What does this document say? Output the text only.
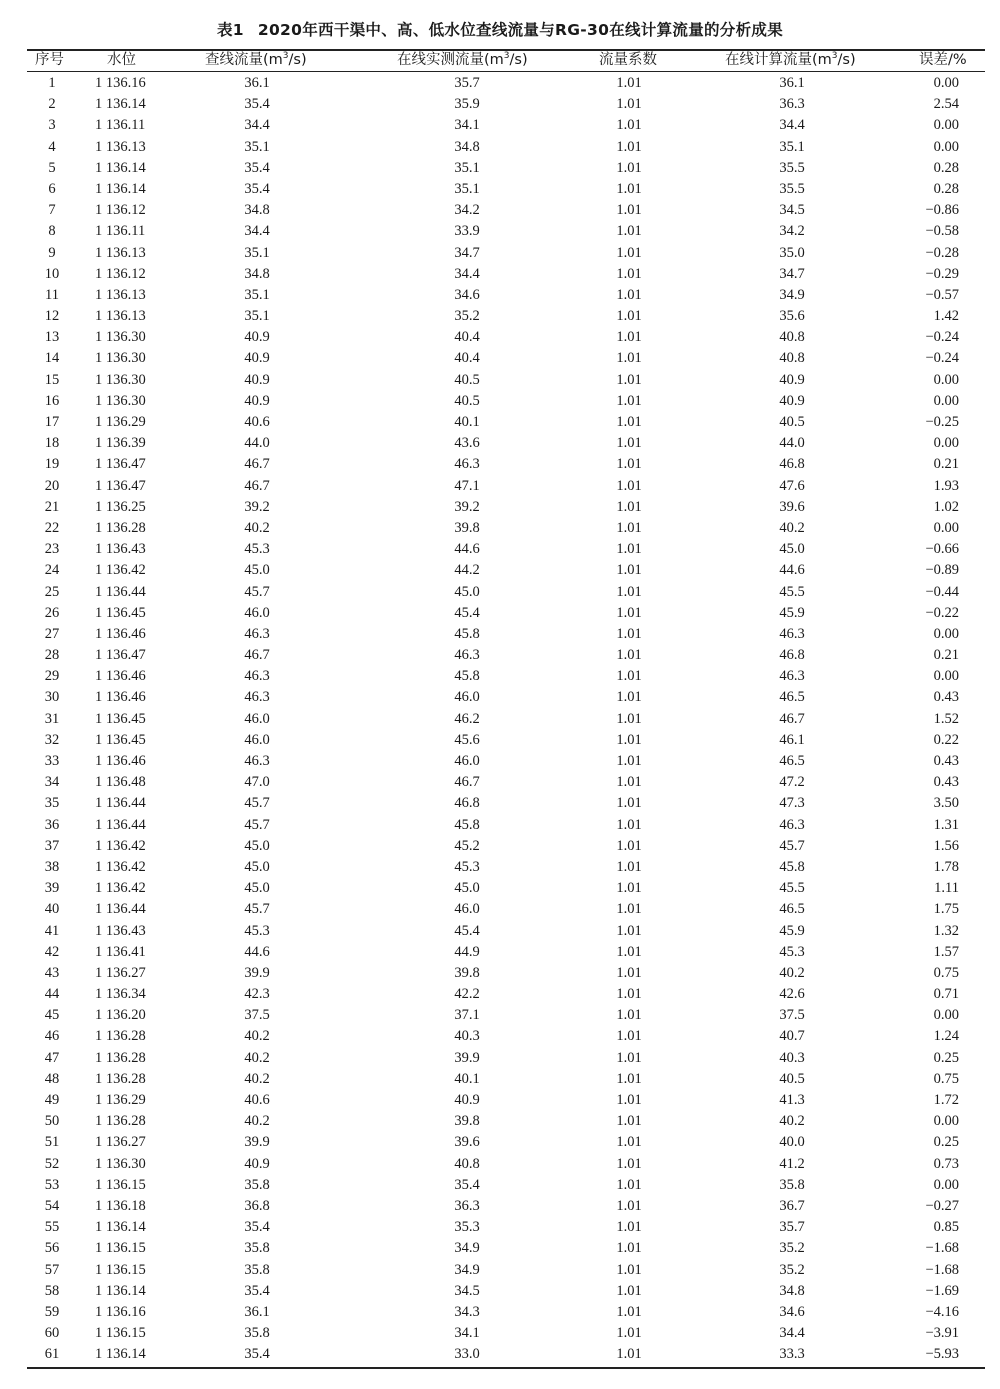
表1 2020年西干渠中、高、低水位查线流量与RG-30在线计算流量的分析成果
序号	水位	查线流量$(m^3/s)$	在线实测流量$(m^3/s)$	流量系数	在线计算流量$(m^3/s)$	误差/%
1	1 136.16	36.1	35.7	1.01	36.1	0.00
2	1 136.14	35.4	35.9	1.01	36.3	2.54
3	1 136.11	34.4	34.1	1.01	34.4	0.00
4	1 136.13	35.1	34.8	1.01	35.1	0.00
5	1 136.14	35.4	35.1	1.01	35.5	0.28
6	1 136.14	35.4	35.1	1.01	35.5	0.28
7	1 136.12	34.8	34.2	1.01	34.5	−0.86
8	1 136.11	34.4	33.9	1.01	34.2	−0.58
9	1 136.13	35.1	34.7	1.01	35.0	−0.28
10	1 136.12	34.8	34.4	1.01	34.7	−0.29
11	1 136.13	35.1	34.6	1.01	34.9	−0.57
12	1 136.13	35.1	35.2	1.01	35.6	1.42
13	1 136.30	40.9	40.4	1.01	40.8	−0.24
14	1 136.30	40.9	40.4	1.01	40.8	−0.24
15	1 136.30	40.9	40.5	1.01	40.9	0.00
16	1 136.30	40.9	40.5	1.01	40.9	0.00
17	1 136.29	40.6	40.1	1.01	40.5	−0.25
18	1 136.39	44.0	43.6	1.01	44.0	0.00
19	1 136.47	46.7	46.3	1.01	46.8	0.21
20	1 136.47	46.7	47.1	1.01	47.6	1.93
21	1 136.25	39.2	39.2	1.01	39.6	1.02
22	1 136.28	40.2	39.8	1.01	40.2	0.00
23	1 136.43	45.3	44.6	1.01	45.0	−0.66
24	1 136.42	45.0	44.2	1.01	44.6	−0.89
25	1 136.44	45.7	45.0	1.01	45.5	−0.44
26	1 136.45	46.0	45.4	1.01	45.9	−0.22
27	1 136.46	46.3	45.8	1.01	46.3	0.00
28	1 136.47	46.7	46.3	1.01	46.8	0.21
29	1 136.46	46.3	45.8	1.01	46.3	0.00
30	1 136.46	46.3	46.0	1.01	46.5	0.43
31	1 136.45	46.0	46.2	1.01	46.7	1.52
32	1 136.45	46.0	45.6	1.01	46.1	0.22
33	1 136.46	46.3	46.0	1.01	46.5	0.43
34	1 136.48	47.0	46.7	1.01	47.2	0.43
35	1 136.44	45.7	46.8	1.01	47.3	3.50
36	1 136.44	45.7	45.8	1.01	46.3	1.31
37	1 136.42	45.0	45.2	1.01	45.7	1.56
38	1 136.42	45.0	45.3	1.01	45.8	1.78
39	1 136.42	45.0	45.0	1.01	45.5	1.11
40	1 136.44	45.7	46.0	1.01	46.5	1.75
41	1 136.43	45.3	45.4	1.01	45.9	1.32
42	1 136.41	44.6	44.9	1.01	45.3	1.57
43	1 136.27	39.9	39.8	1.01	40.2	0.75
44	1 136.34	42.3	42.2	1.01	42.6	0.71
45	1 136.20	37.5	37.1	1.01	37.5	0.00
46	1 136.28	40.2	40.3	1.01	40.7	1.24
47	1 136.28	40.2	39.9	1.01	40.3	0.25
48	1 136.28	40.2	40.1	1.01	40.5	0.75
49	1 136.29	40.6	40.9	1.01	41.3	1.72
50	1 136.28	40.2	39.8	1.01	40.2	0.00
51	1 136.27	39.9	39.6	1.01	40.0	0.25
52	1 136.30	40.9	40.8	1.01	41.2	0.73
53	1 136.15	35.8	35.4	1.01	35.8	0.00
54	1 136.18	36.8	36.3	1.01	36.7	−0.27
55	1 136.14	35.4	35.3	1.01	35.7	0.85
56	1 136.15	35.8	34.9	1.01	35.2	−1.68
57	1 136.15	35.8	34.9	1.01	35.2	−1.68
58	1 136.14	35.4	34.5	1.01	34.8	−1.69
59	1 136.16	36.1	34.3	1.01	34.6	−4.16
60	1 136.15	35.8	34.1	1.01	34.4	−3.91
61	1 136.14	35.4	33.0	1.01	33.3	−5.93
